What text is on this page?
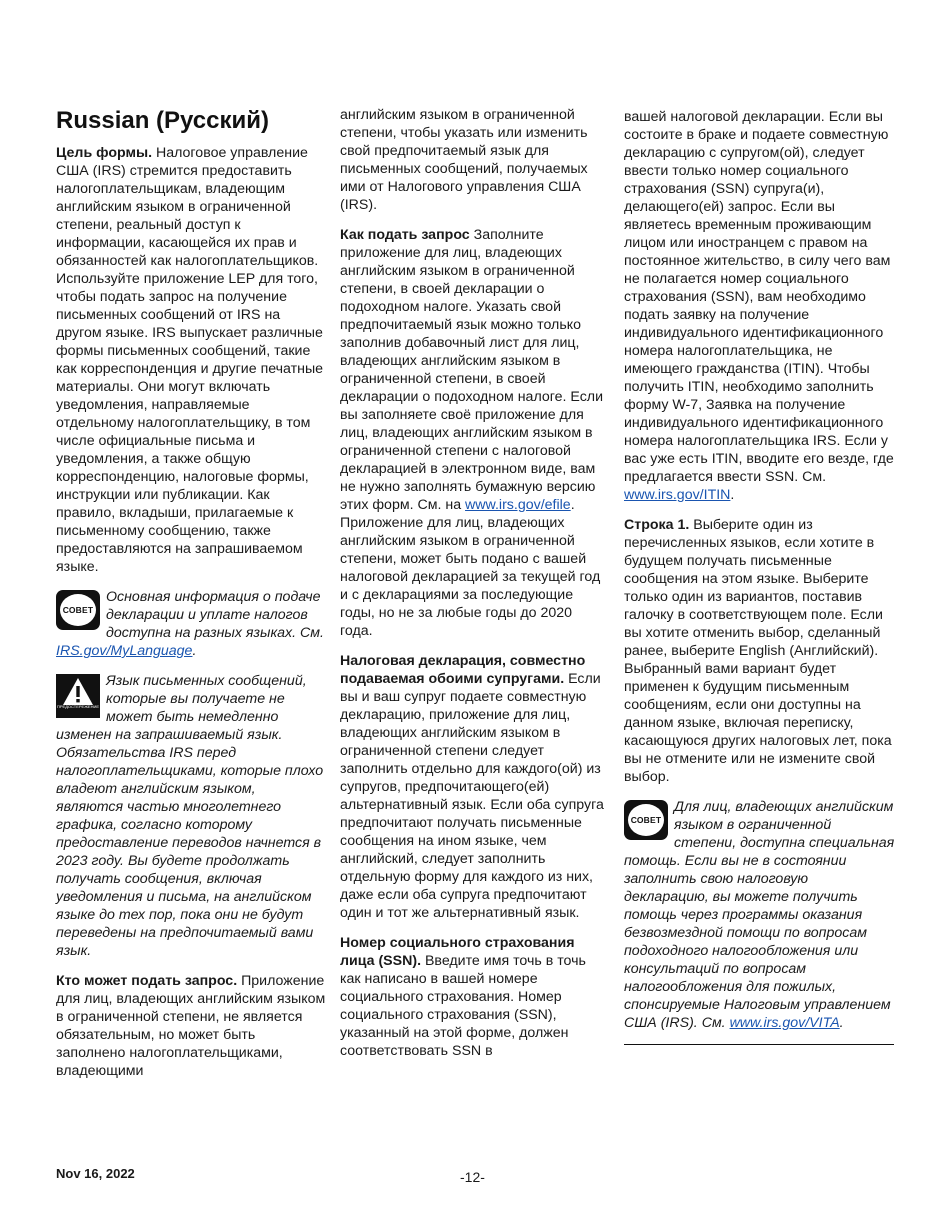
Russian (Русский)

Цель формы. Налоговое управление США (IRS) стремится предоставить налогоплательщикам, владеющим английским языком в ограниченной степени, реальный доступ к информации, касающейся их прав и обязанностей как налогоплательщиков. Используйте приложение LEP для того, чтобы подать запрос на получение письменных сообщений от IRS на другом языке. IRS выпускает различные формы письменных сообщений, такие как корреспонденция и другие печатные материалы. Они могут включать уведомления, направляемые отдельному налогоплательщику, в том числе официальные письма и уведомления, а также общую корреспонденцию, налоговые формы, инструкции или публикации. Как правило, вкладыши, прилагаемые к письменному сообщению, также предоставляются на запрашиваемом языке.

СОВЕТ
Основная информация о подаче декларации и уплате налогов доступна на разных языках. См. IRS.gov/MyLanguage.
ПРЕДОСТЕРЕЖЕНИЕ
Язык письменных сообщений, которые вы получаете не может быть немедленно изменен на запрашиваемый язык. Обязательства IRS перед налогоплательщиками, которые плохо владеют английским языком, являются частью многолетнего графика, согласно которому предоставление переводов начнется в 2023 году. Вы будете продолжать получать сообщения, включая уведомления и письма, на английском языке до тех пор, пока они не будут переведены на предпочитаемый вами язык.

Кто может подать запрос. Приложение для лиц, владеющих английским языком в ограниченной степени, не является обязательным, но может быть заполнено налогоплательщиками, владеющими

английским языком в ограниченной степени, чтобы указать или изменить свой предпочитаемый язык для письменных сообщений, получаемых ими от Налогового управления США (IRS).

Как подать запрос Заполните приложение для лиц, владеющих английским языком в ограниченной степени, в своей декларации о подоходном налоге. Указать свой предпочитаемый язык можно только заполнив добавочный лист для лиц, владеющих английским языком в ограниченной степени, в своей декларации о подоходном налоге. Если вы заполняете своё приложение для лиц, владеющих английским языком в ограниченной степени с налоговой декларацией в электронном виде, вам не нужно заполнять бумажную версию этих форм. См. на www.irs.gov/efile. Приложение для лиц, владеющих английским языком в ограниченной степени, может быть подано с вашей налоговой декларацией за текущей год и с декларациями за последующие годы, но не за любые годы до 2020 года.

Налоговая декларация, совместно подаваемая обоими супругами. Если вы и ваш супруг подаете совместную декларацию, приложение для лиц, владеющих английским языком в ограниченной степени следует заполнить отдельно для каждого(ой) из супругов, предпочитающего(ей) альтернативный язык. Если оба супруга предпочитают получать письменные сообщения на ином языке, чем английский, следует заполнить отдельную форму для каждого из них, даже если оба супруга предпочитают один и тот же альтернативный язык.

Номер социального страхования лица (SSN). Введите имя точь в точь как написано в вашей номере социального страхования. Номер социального страхования (SSN), указанный на этой форме, должен соответствовать SSN в

вашей налоговой декларации. Если вы состоите в браке и подаете совместную декларацию с супругом(ой), следует ввести только номер социального страхования (SSN) супруга(и), делающего(ей) запрос. Если вы являетесь временным проживающим лицом или иностранцем с правом на постоянное жительство, в силу чего вам не полагается номер социального страхования (SSN), вам необходимо подать заявку на получение индивидуального идентификационного номера налогоплательщика, не имеющего гражданства (ITIN). Чтобы получить ITIN, необходимо заполнить форму W-7, Заявка на получение индивидуального идентификационного номера налогоплательщика IRS. Если у вас уже есть ITIN, вводите его везде, где предлагается ввести SSN. См. www.irs.gov/ITIN.

Строка 1. Выберите один из перечисленных языков, если хотите в будущем получать письменные сообщения на этом языке. Выберите только один из вариантов, поставив галочку в соответствующем поле. Если вы хотите отменить выбор, сделанный ранее, выберите English (Английский). Выбранный вами вариант будет применен к будущим письменным сообщениям, если они доступны на данном языке, включая переписку, касающуюся других налоговых лет, пока вы не отмените или не измените свой выбор.

СОВЕТ
Для лиц, владеющих английским языком в ограниченной степени, доступна специальная помощь. Если вы не в состоянии заполнить свою налоговую декларацию, вы можете получить помощь через программы оказания безвозмездной помощи по вопросам подоходного налогообложения или консультаций по вопросам налогообложения для пожилых, спонсируемые Налоговым управлением США (IRS). См. www.irs.gov/VITA.
Nov 16, 2022	-12-
